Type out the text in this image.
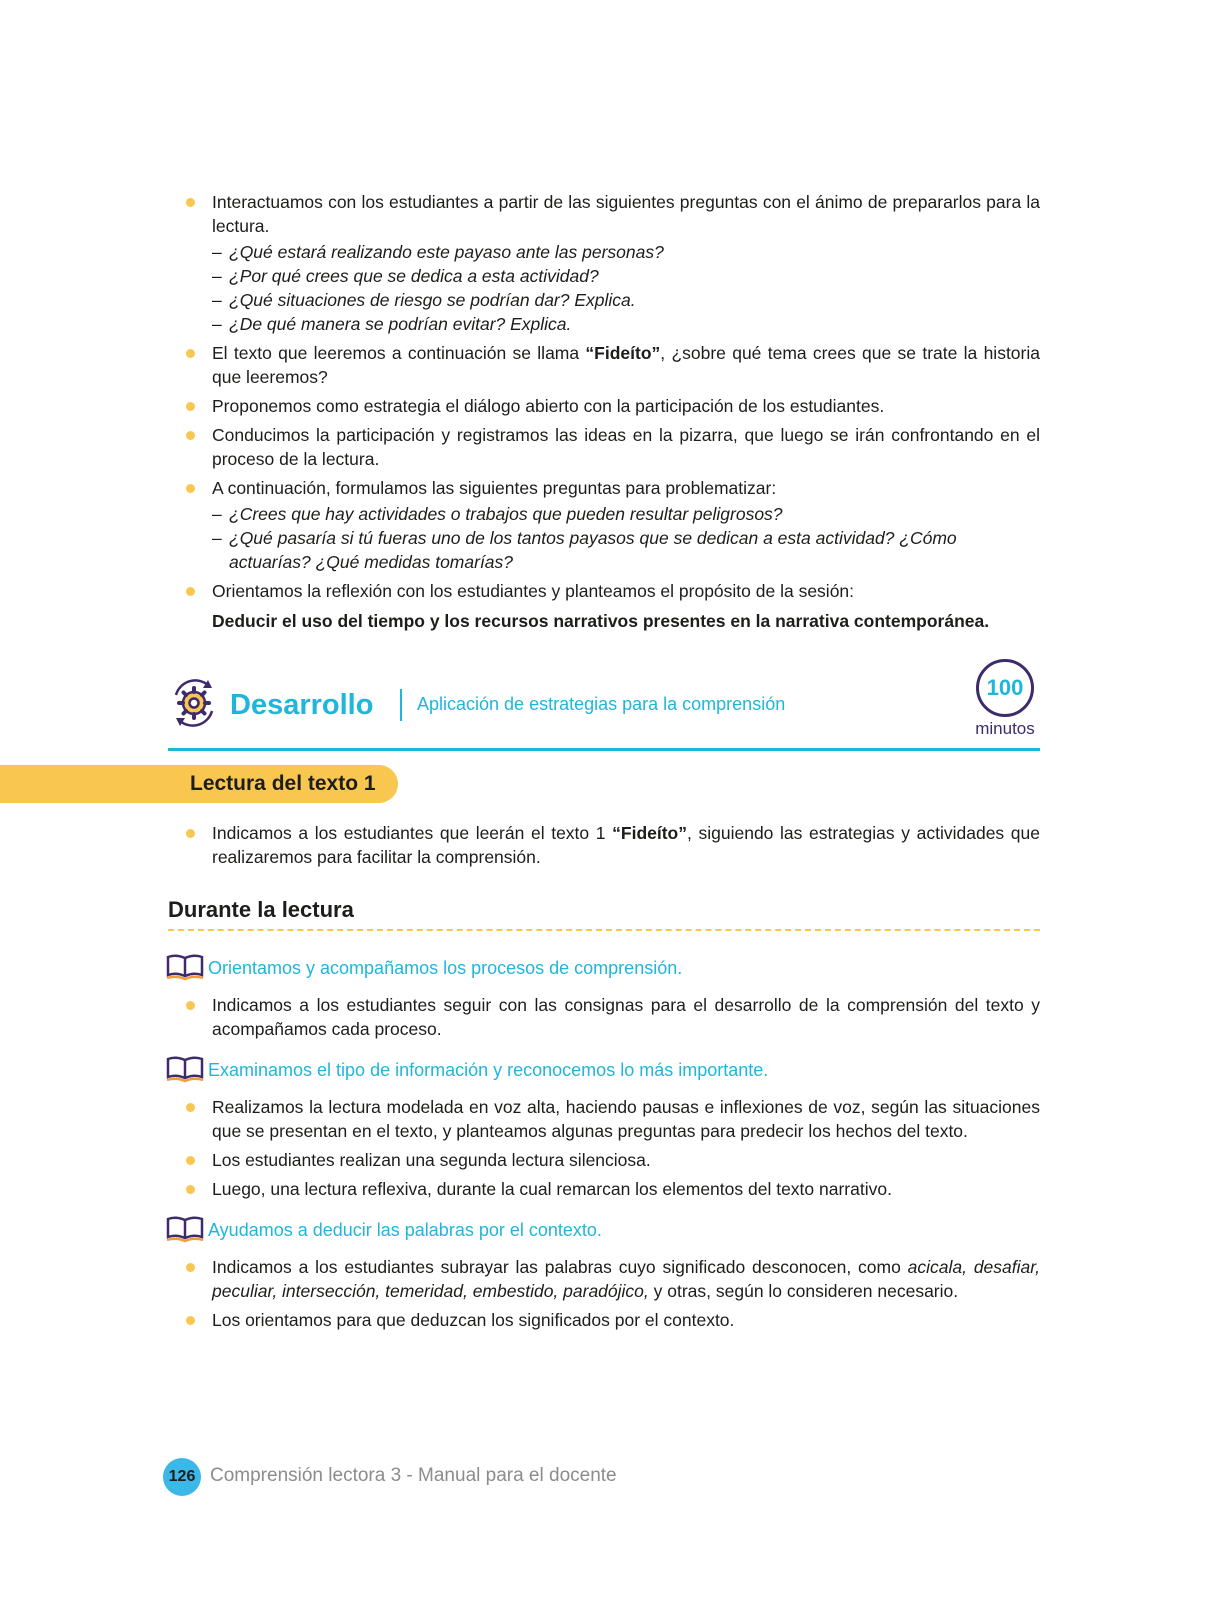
Interactuamos con los estudiantes a partir de las siguientes preguntas con el ánimo de prepararlos para la lectura.
– ¿Qué estará realizando este payaso ante las personas?
– ¿Por qué crees que se dedica a esta actividad?
– ¿Qué situaciones de riesgo se podrían dar? Explica.
– ¿De qué manera se podrían evitar? Explica.
El texto que leeremos a continuación se llama “Fideíto”, ¿sobre qué tema crees que se trate la historia que leeremos?
Proponemos como estrategia el diálogo abierto con la participación de los estudiantes.
Conducimos la participación y registramos las ideas en la pizarra, que luego se irán confrontando en el proceso de la lectura.
A continuación, formulamos las siguientes preguntas para problematizar:
– ¿Crees que hay actividades o trabajos que pueden resultar peligrosos?
– ¿Qué pasaría si tú fueras uno de los tantos payasos que se dedican a esta actividad? ¿Cómo actuarías? ¿Qué medidas tomarías?
Orientamos la reflexión con los estudiantes y planteamos el propósito de la sesión:
Deducir el uso del tiempo y los recursos narrativos presentes en la narrativa contemporánea.
Desarrollo Aplicación de estrategias para la comprensión
100
minutos
Lectura del texto 1
Indicamos a los estudiantes que leerán el texto 1 “Fideíto”, siguiendo las estrategias y actividades que realizaremos para facilitar la comprensión.
Durante la lectura
Orientamos y acompañamos los procesos de comprensión.
Indicamos a los estudiantes seguir con las consignas para el desarrollo de la comprensión del texto y acompañamos cada proceso.
Examinamos el tipo de información y reconocemos lo más importante.
Realizamos la lectura modelada en voz alta, haciendo pausas e inflexiones de voz, según las situaciones que se presentan en el texto, y planteamos algunas preguntas para predecir los hechos del texto.
Los estudiantes realizan una segunda lectura silenciosa.
Luego, una lectura reflexiva, durante la cual remarcan los elementos del texto narrativo.
Ayudamos a deducir las palabras por el contexto.
Indicamos a los estudiantes subrayar las palabras cuyo significado desconocen, como acicala, desafiar, peculiar, intersección, temeridad, embestido, paradójico, y otras, según lo consideren necesario.
Los orientamos para que deduzcan los significados por el contexto.
126 Comprensión lectora 3 - Manual para el docente
